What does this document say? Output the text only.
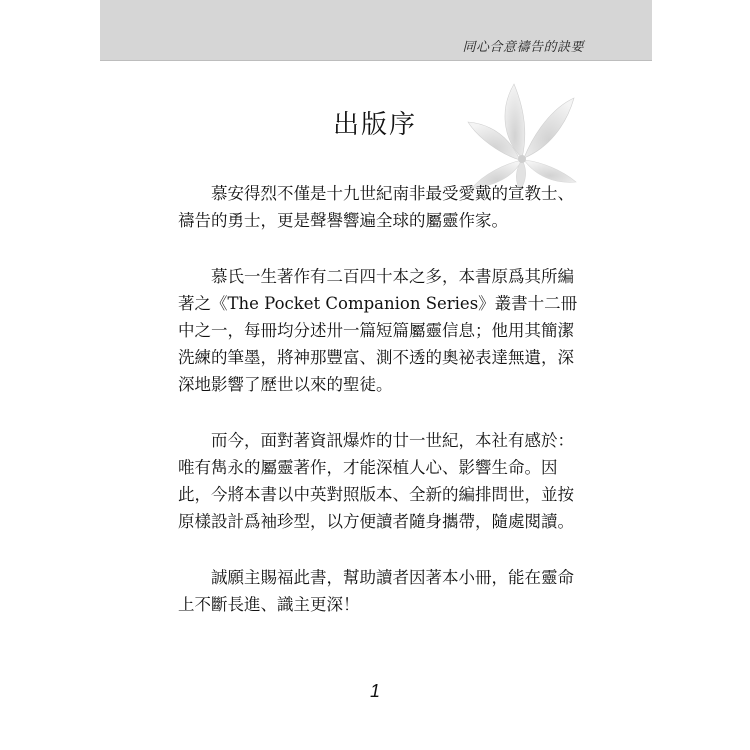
同心合意禱告的訣要
出版序

慕安得烈不僅是十九世紀南非最受愛戴的宣教士、禱告的勇士，更是聲譽響遍全球的屬靈作家。

慕氏一生著作有二百四十本之多，本書原爲其所編著之《The Pocket Companion Series》叢書十二冊中之一，每冊均分述卅一篇短篇屬靈信息；他用其簡潔洗練的筆墨，將神那豐富、測不透的奧祕表達無遺，深深地影響了歷世以來的聖徒。

而今，面對著資訊爆炸的廿一世紀，本社有感於：唯有雋永的屬靈著作，才能深植人心、影響生命。因此，今將本書以中英對照版本、全新的編排問世，並按原樣設計爲袖珍型，以方便讀者隨身攜帶，隨處閱讀。

誠願主賜福此書，幫助讀者因著本小冊，能在靈命上不斷長進、識主更深！

1
